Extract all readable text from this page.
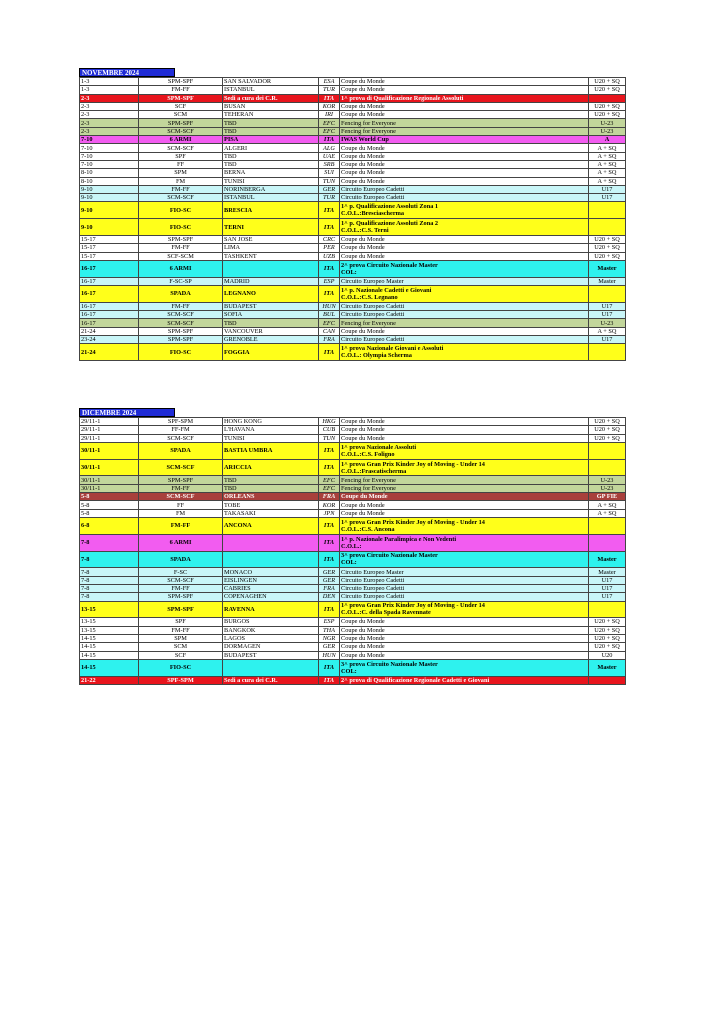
NOVEMBRE 2024
1-3	SPM-SPF	SAN SALVADOR	ESA	Coupe du Monde	U20 + SQ
1-3	FM-FF	ISTANBUL	TUR	Coupe du Monde	U20 + SQ
2-3	SPM-SPF	Sedi a cura dei C.R.	ITA	1^ prova di Qualificazione Regionale Assoluti	
2-3	SCF	BUSAN	KOR	Coupe du Monde	U20 + SQ
2-3	SCM	TEHERAN	IRI	Coupe du Monde	U20 + SQ
2-3	SPM-SPF	TBD	EFC	Fencing for Everyone	U-23
2-3	SCM-SCF	TBD	EFC	Fencing for Everyone	U-23
7-10	6 ARMI	PISA	ITA	IWAS World Cup	A
7-10	SCM-SCF	ALGERI	ALG	Coupe du Monde	A + SQ
7-10	SPF	TBD	UAE	Coupe du Monde	A + SQ
7-10	FF	TBD	SRB	Coupe du Monde	A + SQ
8-10	SPM	BERNA	SUI	Coupe du Monde	A + SQ
8-10	FM	TUNISI	TUN	Coupe du Monde	A + SQ
9-10	FM-FF	NORINBERGA	GER	Circuito Europeo Cadetti	U17
9-10	SCM-SCF	ISTANBUL	TUR	Circuito Europeo Cadetti	U17
9-10	FIO-SC	BRESCIA	ITA	1^ p. Qualificazione Assoluti Zona 1
C.O.L.:Bresciascherma	

9-10	FIO-SC	TERNI	ITA	1^ p. Qualificazione Assoluti Zona 2
C.O.L.:C.S. Terni	

15-17	SPM-SPF	SAN JOSE	CRC	Coupe du Monde	U20 + SQ
15-17	FM-FF	LIMA	PER	Coupe du Monde	U20 + SQ
15-17	SCF-SCM	TASHKENT	UZB	Coupe du Monde	U20 + SQ
16-17	6 ARMI		ITA	2^ prova Circuito Nazionale Master
COL:	Master
16-17	F-SC-SP	MADRID	ESP	Circuito Europeo Master	Master
16-17	SPADA	LEGNANO	ITA	1^ p. Nazionale Cadetti e Giovani
C.O.L.:C.S. Legnano	

16-17	FM-FF	BUDAPEST	HUN	Circuito Europeo Cadetti	U17
16-17	SCM-SCF	SOFIA	BUL	Circuito Europeo Cadetti	U17
16-17	SCM-SCF	TBD	EFC	Fencing for Everyone	U-23
21-24	SPM-SPF	VANCOUVER	CAN	Coupe du Monde	A + SQ
23-24	SPM-SPF	GRENOBLE	FRA	Circuito Europeo Cadetti	U17
21-24	FIO-SC	FOGGIA	ITA	1^ prova Nazionale Giovani e Assoluti
C.O.L.: Olympia Scherma	

DICEMBRE 2024
29/11-1	SPF-SPM	HONG KONG	HKG	Coupe du Monde	U20 + SQ
29/11-1	FF-FM	L'HAVANA	CUB	Coupe du Monde	U20 + SQ
29/11-1	SCM-SCF	TUNISI	TUN	Coupe du Monde	U20 + SQ
30/11-1	SPADA	BASTIA UMBRA	ITA	1^ prova Nazionale Assoluti
C.O.L.:C.S. Foligno	

30/11-1	SCM-SCF	ARICCIA	ITA	1^ prova Gran Prix Kinder Joy of Moving - Under 14
C.O.L.:Frascatischerma	

30/11-1	SPM-SPF	TBD	EFC	Fencing for Everyone	U-23
30/11-1	FM-FF	TBD	EFC	Fencing for Everyone	U-23
5-8	SCM-SCF	ORLEANS	FRA	Coupe du Monde	GP FIE
5-8	FF	TOBE	KOR	Coupe du Monde	A + SQ
5-8	FM	TAKASAKI	JPN	Coupe du Monde	A + SQ
6-8	FM-FF	ANCONA	ITA	1^ prova Gran Prix Kinder Joy of Moving - Under 14
C.O.L.:C.S. Ancona	

7-8	6 ARMI		ITA	1^ p. Nazionale Paralimpica e Non Vedenti
C.O.L.:	

7-8	SPADA		ITA	3^ prova Circuito Nazionale Master
COL:	Master
7-8	F-SC	MONACO	GER	Circuito Europeo Master	Master
7-8	SCM-SCF	EISLINGEN	GER	Circuito Europeo Cadetti	U17
7-8	FM-FF	CABRIES	FRA	Circuito Europeo Cadetti	U17
7-8	SPM-SPF	COPENAGHEN	DEN	Circuito Europeo Cadetti	U17
13-15	SPM-SPF	RAVENNA	ITA	1^ prova Gran Prix Kinder Joy of Moving - Under 14
C.O.L.:C. della Spada Ravennate	

13-15	SPF	BURGOS	ESP	Coupe du Monde	U20 + SQ
13-15	FM-FF	BANGKOK	THA	Coupe du Monde	U20 + SQ
14-15	SPM	LAGOS	NGR	Coupe du Monde	U20 + SQ
14-15	SCM	DORMAGEN	GER	Coupe du Monde	U20 + SQ
14-15	SCF	BUDAPEST	HUN	Coupe du Monde	U20
14-15	FIO-SC		ITA	3^ prova Circuito Nazionale Master
COL:	Master
21-22	SPF-SPM	Sedi a cura dei C.R.	ITA	2^ prova di Qualificazione Regionale Cadetti e Giovani	
